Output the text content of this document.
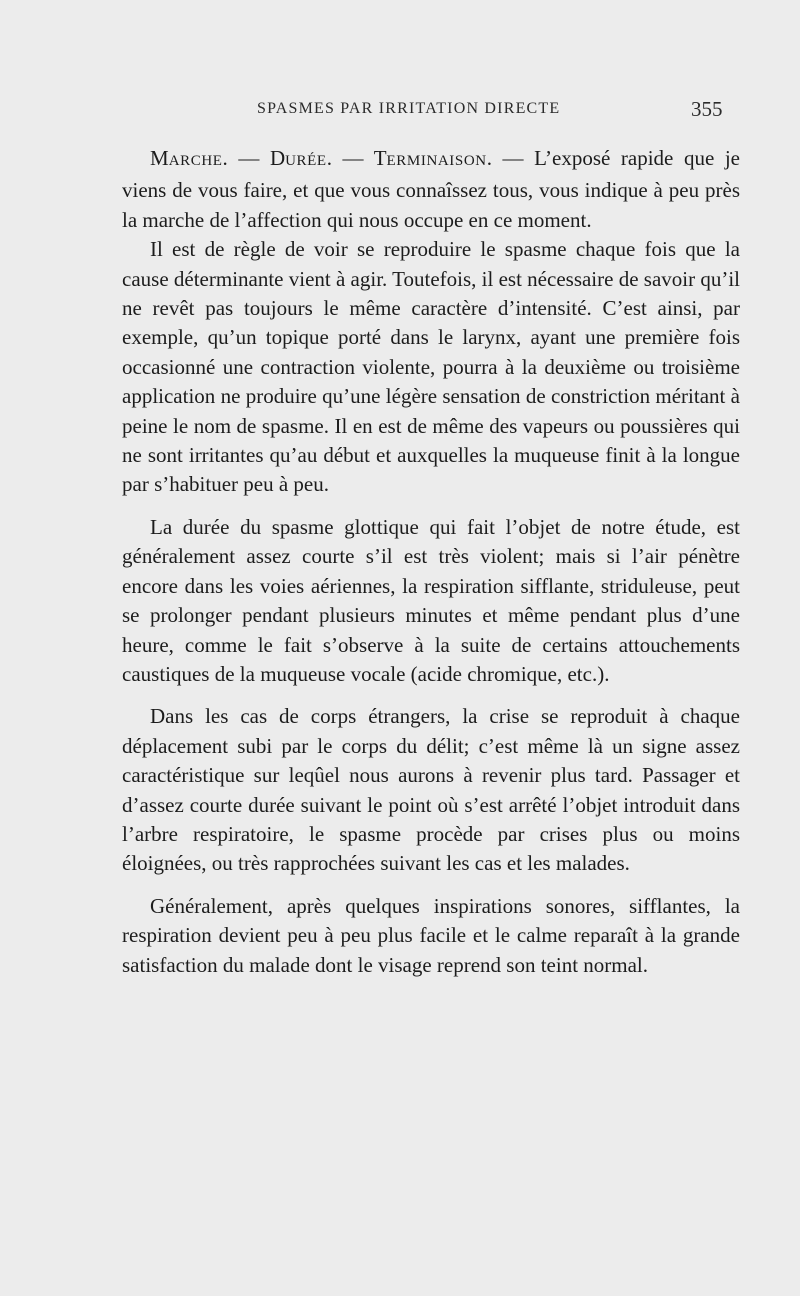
SPASMES PAR IRRITATION DIRECTE	355

MARCHE. — DURÉE. — TERMINAISON. — L’exposé rapide que je viens de vous faire, et que vous connaîssez tous, vous indique à peu près la marche de l’affection qui nous occupe en ce moment.

Il est de règle de voir se reproduire le spasme chaque fois que la cause déterminante vient à agir. Toutefois, il est nécessaire de savoir qu’il ne revêt pas toujours le même caractère d’intensité. C’est ainsi, par exemple, qu’un topique porté dans le larynx, ayant une première fois occasionné une contraction violente, pourra à la deuxième ou troisième application ne produire qu’une légère sensation de constriction méritant à peine le nom de spasme. Il en est de même des vapeurs ou poussières qui ne sont irritantes qu’au début et auxquelles la muqueuse finit à la longue par s’habituer peu à peu.

La durée du spasme glottique qui fait l’objet de notre étude, est généralement assez courte s’il est très violent; mais si l’air pénètre encore dans les voies aériennes, la respiration sifflante, striduleuse, peut se prolonger pendant plusieurs minutes et même pendant plus d’une heure, comme le fait s’observe à la suite de certains attouchements caustiques de la muqueuse vocale (acide chromique, etc.).

Dans les cas de corps étrangers, la crise se reproduit à chaque déplacement subi par le corps du délit; c’est même là un signe assez caractéristique sur leqûel nous aurons à revenir plus tard. Passager et d’assez courte durée suivant le point où s’est arrêté l’objet introduit dans l’arbre respiratoire, le spasme procède par crises plus ou moins éloignées, ou très rapprochées suivant les cas et les malades.

Généralement, après quelques inspirations sonores, sifflantes, la respiration devient peu à peu plus facile et le calme reparaît à la grande satisfaction du malade dont le visage reprend son teint normal.
